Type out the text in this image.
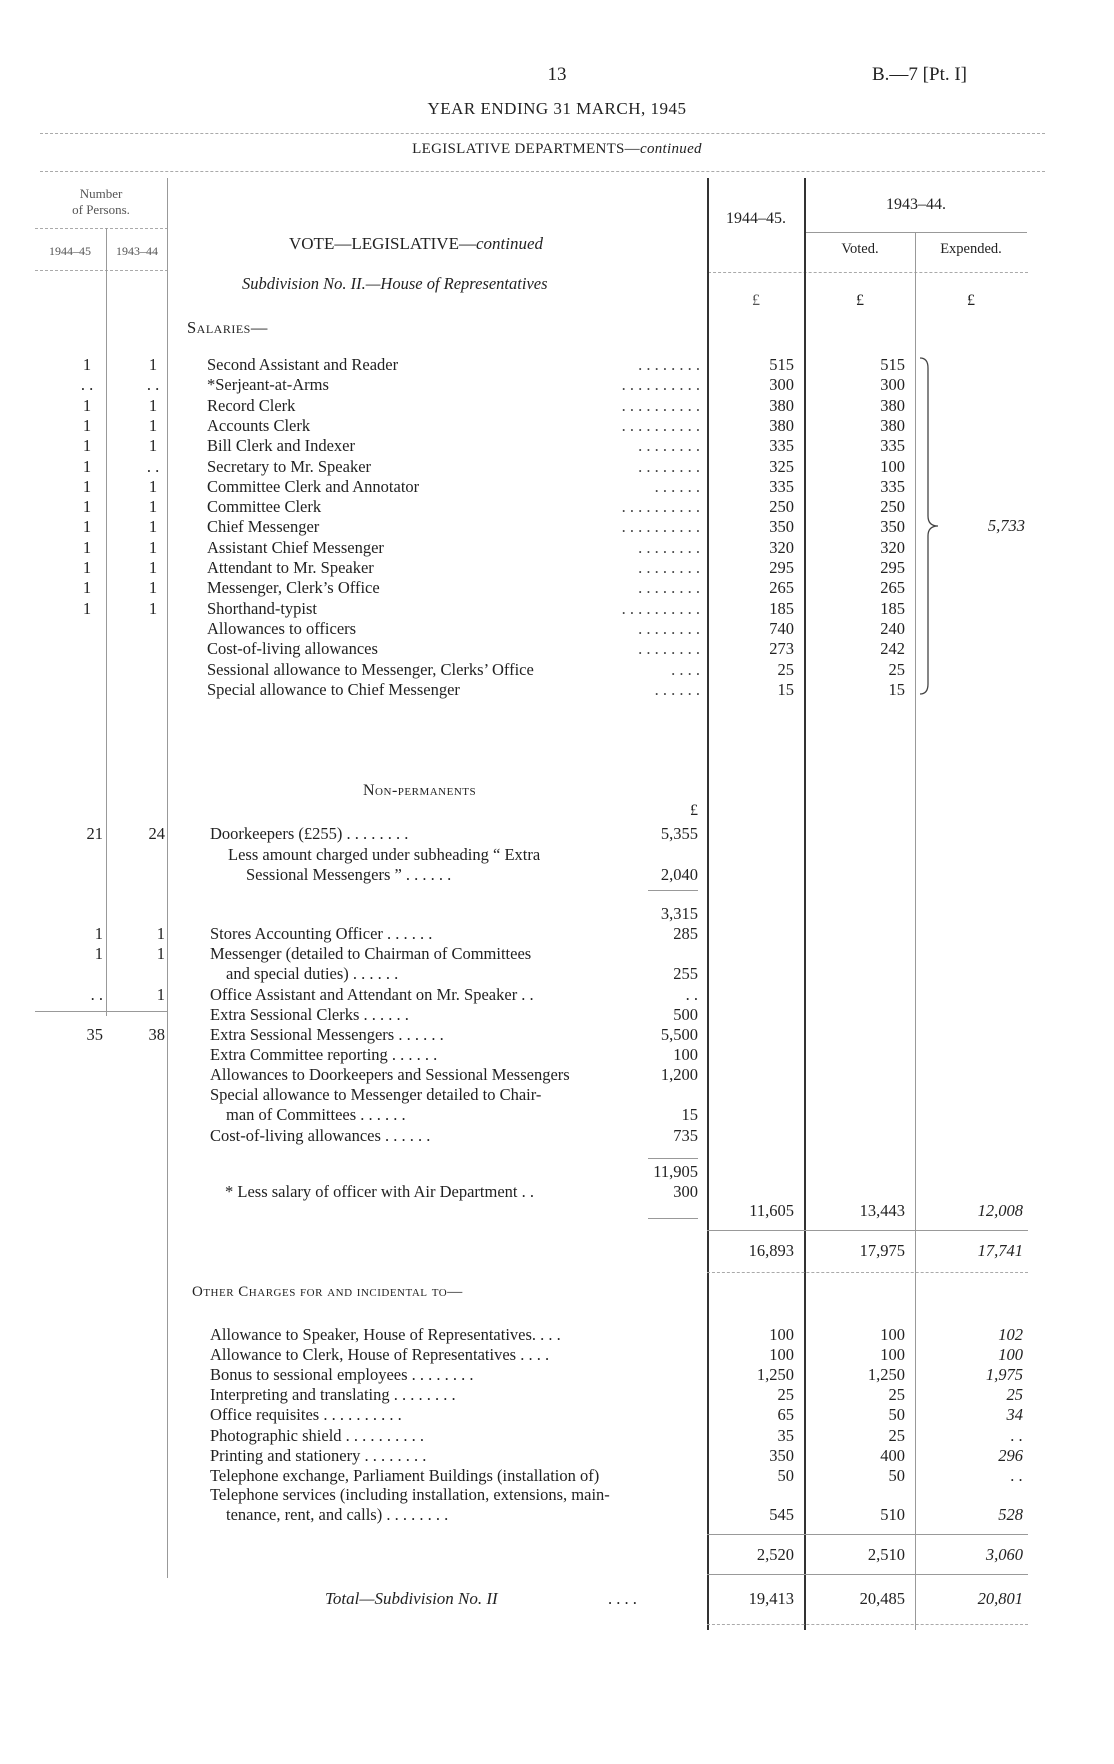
13	B.—7 [Pt. I]
YEAR ENDING 31 MARCH, 1945
LEGISLATIVE DEPARTMENTS—continued
Number
of Persons.
1944–45	1943–44	VOTE—LEGISLATIVE—continued
Subdivision No. II.—House of Representatives
Salaries—
1944–45.
1943–44.
Voted.	Expended.
£	£	£
1	1	Second Assistant and Reader	. . . . . . . .	515	515
. .	. .	*Serjeant-at-Arms	. . . . . . . . . .	300	300
1	1	Record Clerk	. . . . . . . . . .	380	380
1	1	Accounts Clerk	. . . . . . . . . .	380	380
1	1	Bill Clerk and Indexer	. . . . . . . .	335	335
1	. .	Secretary to Mr. Speaker	. . . . . . . .	325	100
1	1	Committee Clerk and Annotator	. . . . . .	335	335
1	1	Committee Clerk	. . . . . . . . . .	250	250
1	1	Chief Messenger	. . . . . . . . . .	350	350
1	1	Assistant Chief Messenger	. . . . . . . .	320	320
1	1	Attendant to Mr. Speaker	. . . . . . . .	295	295
1	1	Messenger, Clerk’s Office	. . . . . . . .	265	265
1	1	Shorthand-typist	. . . . . . . . . .	185	185
Allowances to officers	. . . . . . . .	740	240
Cost-of-living allowances	. . . . . . . .	273	242
Sessional allowance to Messenger, Clerks’ Office	. . . .	25	25
Special allowance to Chief Messenger	. . . . . .	15	15
5,733
Non-permanents
£
21	24	Doorkeepers (£255) . . . . . . . .	5,355
Less amount charged under subheading “ Extra
Sessional Messengers ” . . . . . .	2,040
3,315
1	1	Stores Accounting Officer . . . . . .	285
1	1	Messenger (detailed to Chairman of Committees
and special duties) . . . . . .	255
. .	1	Office Assistant and Attendant on Mr. Speaker . .	. .
Extra Sessional Clerks . . . . . .	500
35	38	Extra Sessional Messengers . . . . . .	5,500
Extra Committee reporting . . . . . .	100
Allowances to Doorkeepers and Sessional Messengers	1,200
Special allowance to Messenger detailed to Chair-
man of Committees . . . . . .	15
Cost-of-living allowances . . . . . .	735
11,905
* Less salary of officer with Air Department . .	300
11,605	13,443	12,008
16,893	17,975	17,741
Other Charges for and incidental to—
Allowance to Speaker, House of Representatives. . . .	100	100	102
Allowance to Clerk, House of Representatives . . . .	100	100	100
Bonus to sessional employees . . . . . . . .	1,250	1,250	1,975
Interpreting and translating . . . . . . . .	25	25	25
Office requisites . . . . . . . . . .	65	50	34
Photographic shield . . . . . . . . . .	35	25	. .
Printing and stationery . . . . . . . .	350	400	296
Telephone exchange, Parliament Buildings (installation of)	50	50	. .
Telephone services (including installation, extensions, main-
tenance, rent, and calls) . . . . . . . .	545	510	528
2,520	2,510	3,060
Total—Subdivision No. II	. . . .	19,413	20,485	20,801
